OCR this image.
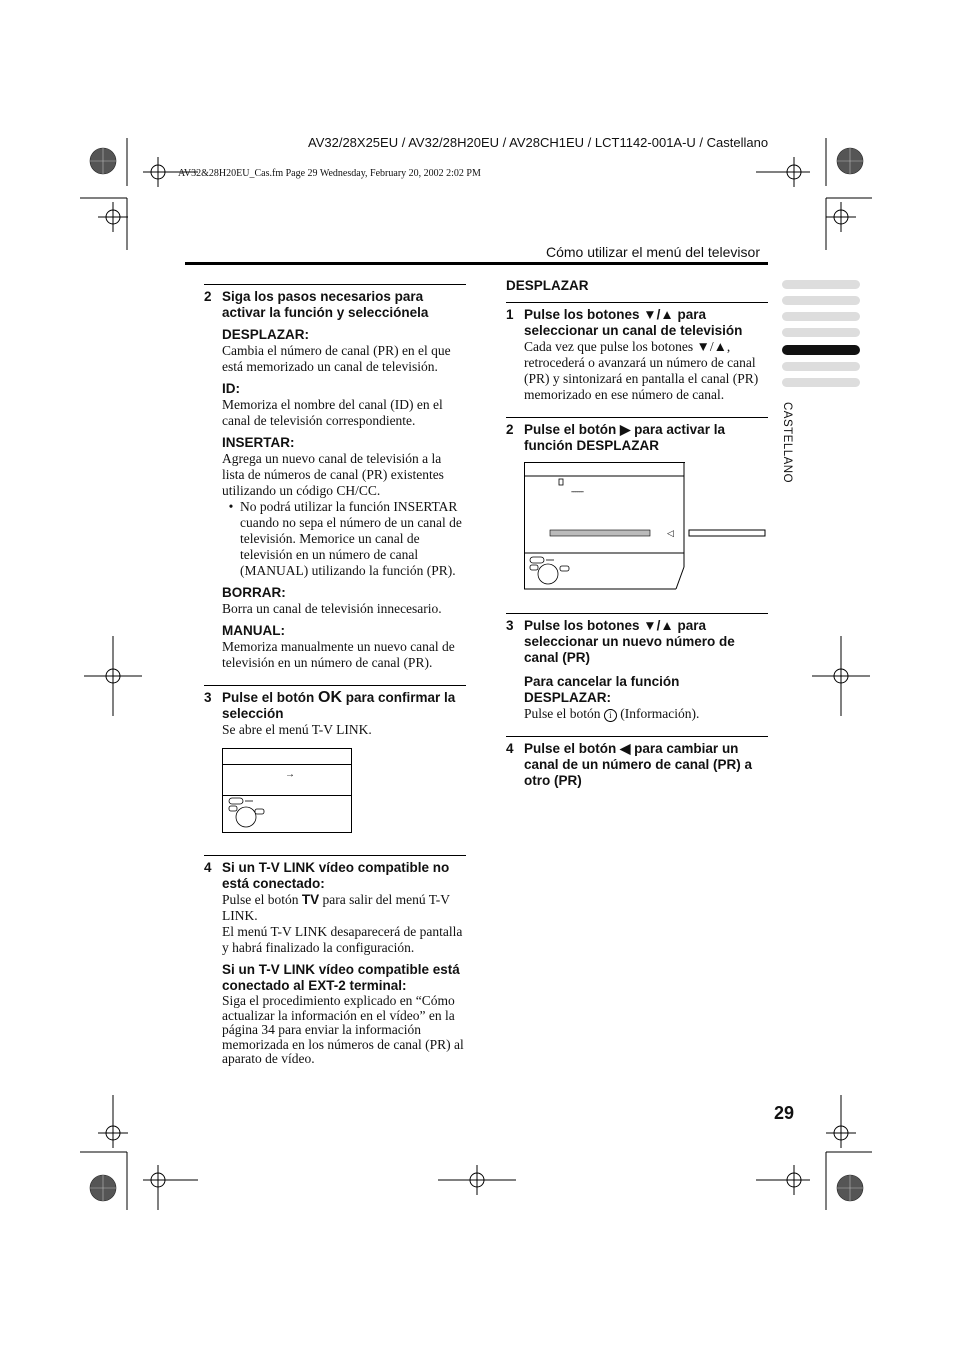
AV32/28X25EU / AV32/28H20EU / AV28CH1EU / LCT1142-001A-U / Castellano
AV32&28H20EU_Cas.fm Page 29 Wednesday, February 20, 2002 2:02 PM
Cómo utilizar el menú del televisor
CASTELLANO
2 Siga los pasos necesarios para activar la función y selecciónela
DESPLAZAR:
Cambia el número de canal (PR) en el que está memorizado un canal de televisión.
ID:
Memoriza el nombre del canal (ID) en el canal de televisión correspondiente.
INSERTAR:
Agrega un nuevo canal de televisión a la lista de números de canal (PR) existentes utilizando un código CH/CC.
• No podrá utilizar la función INSERTAR cuando no sepa el número de un canal de televisión. Memorice un canal de televisión en un número de canal (MANUAL) utilizando la función (PR).
BORRAR:
Borra un canal de televisión innecesario.
MANUAL:
Memoriza manualmente un nuevo canal de televisión en un número de canal (PR).
3 Pulse el botón OK para confirmar la selección
Se abre el menú T-V LINK.
→
4 Si un T-V LINK vídeo compatible no está conectado:
Pulse el botón TV para salir del menú T-V LINK.
El menú T-V LINK desaparecerá de pantalla y habrá finalizado la configuración.
Si un T-V LINK vídeo compatible está conectado al EXT-2 terminal:
Siga el procedimiento explicado en “Cómo actualizar la información en el vídeo” en la página 34 para enviar la información memorizada en los números de canal (PR) al aparato de vídeo.
DESPLAZAR
1 Pulse los botones ▼/▲ para seleccionar un canal de televisión
Cada vez que pulse los botones ▼/▲, retrocederá o avanzará un número de canal (PR) y sintonizará en pantalla el canal (PR) memorizado en ese número de canal.
2 Pulse el botón ▶ para activar la función DESPLAZAR
------
◁
3 Pulse los botones ▼/▲ para seleccionar un nuevo número de canal (PR)
Para cancelar la función DESPLAZAR:
Pulse el botón i (Información).
4 Pulse el botón ◀ para cambiar un canal de un número de canal (PR) a otro (PR)
29
